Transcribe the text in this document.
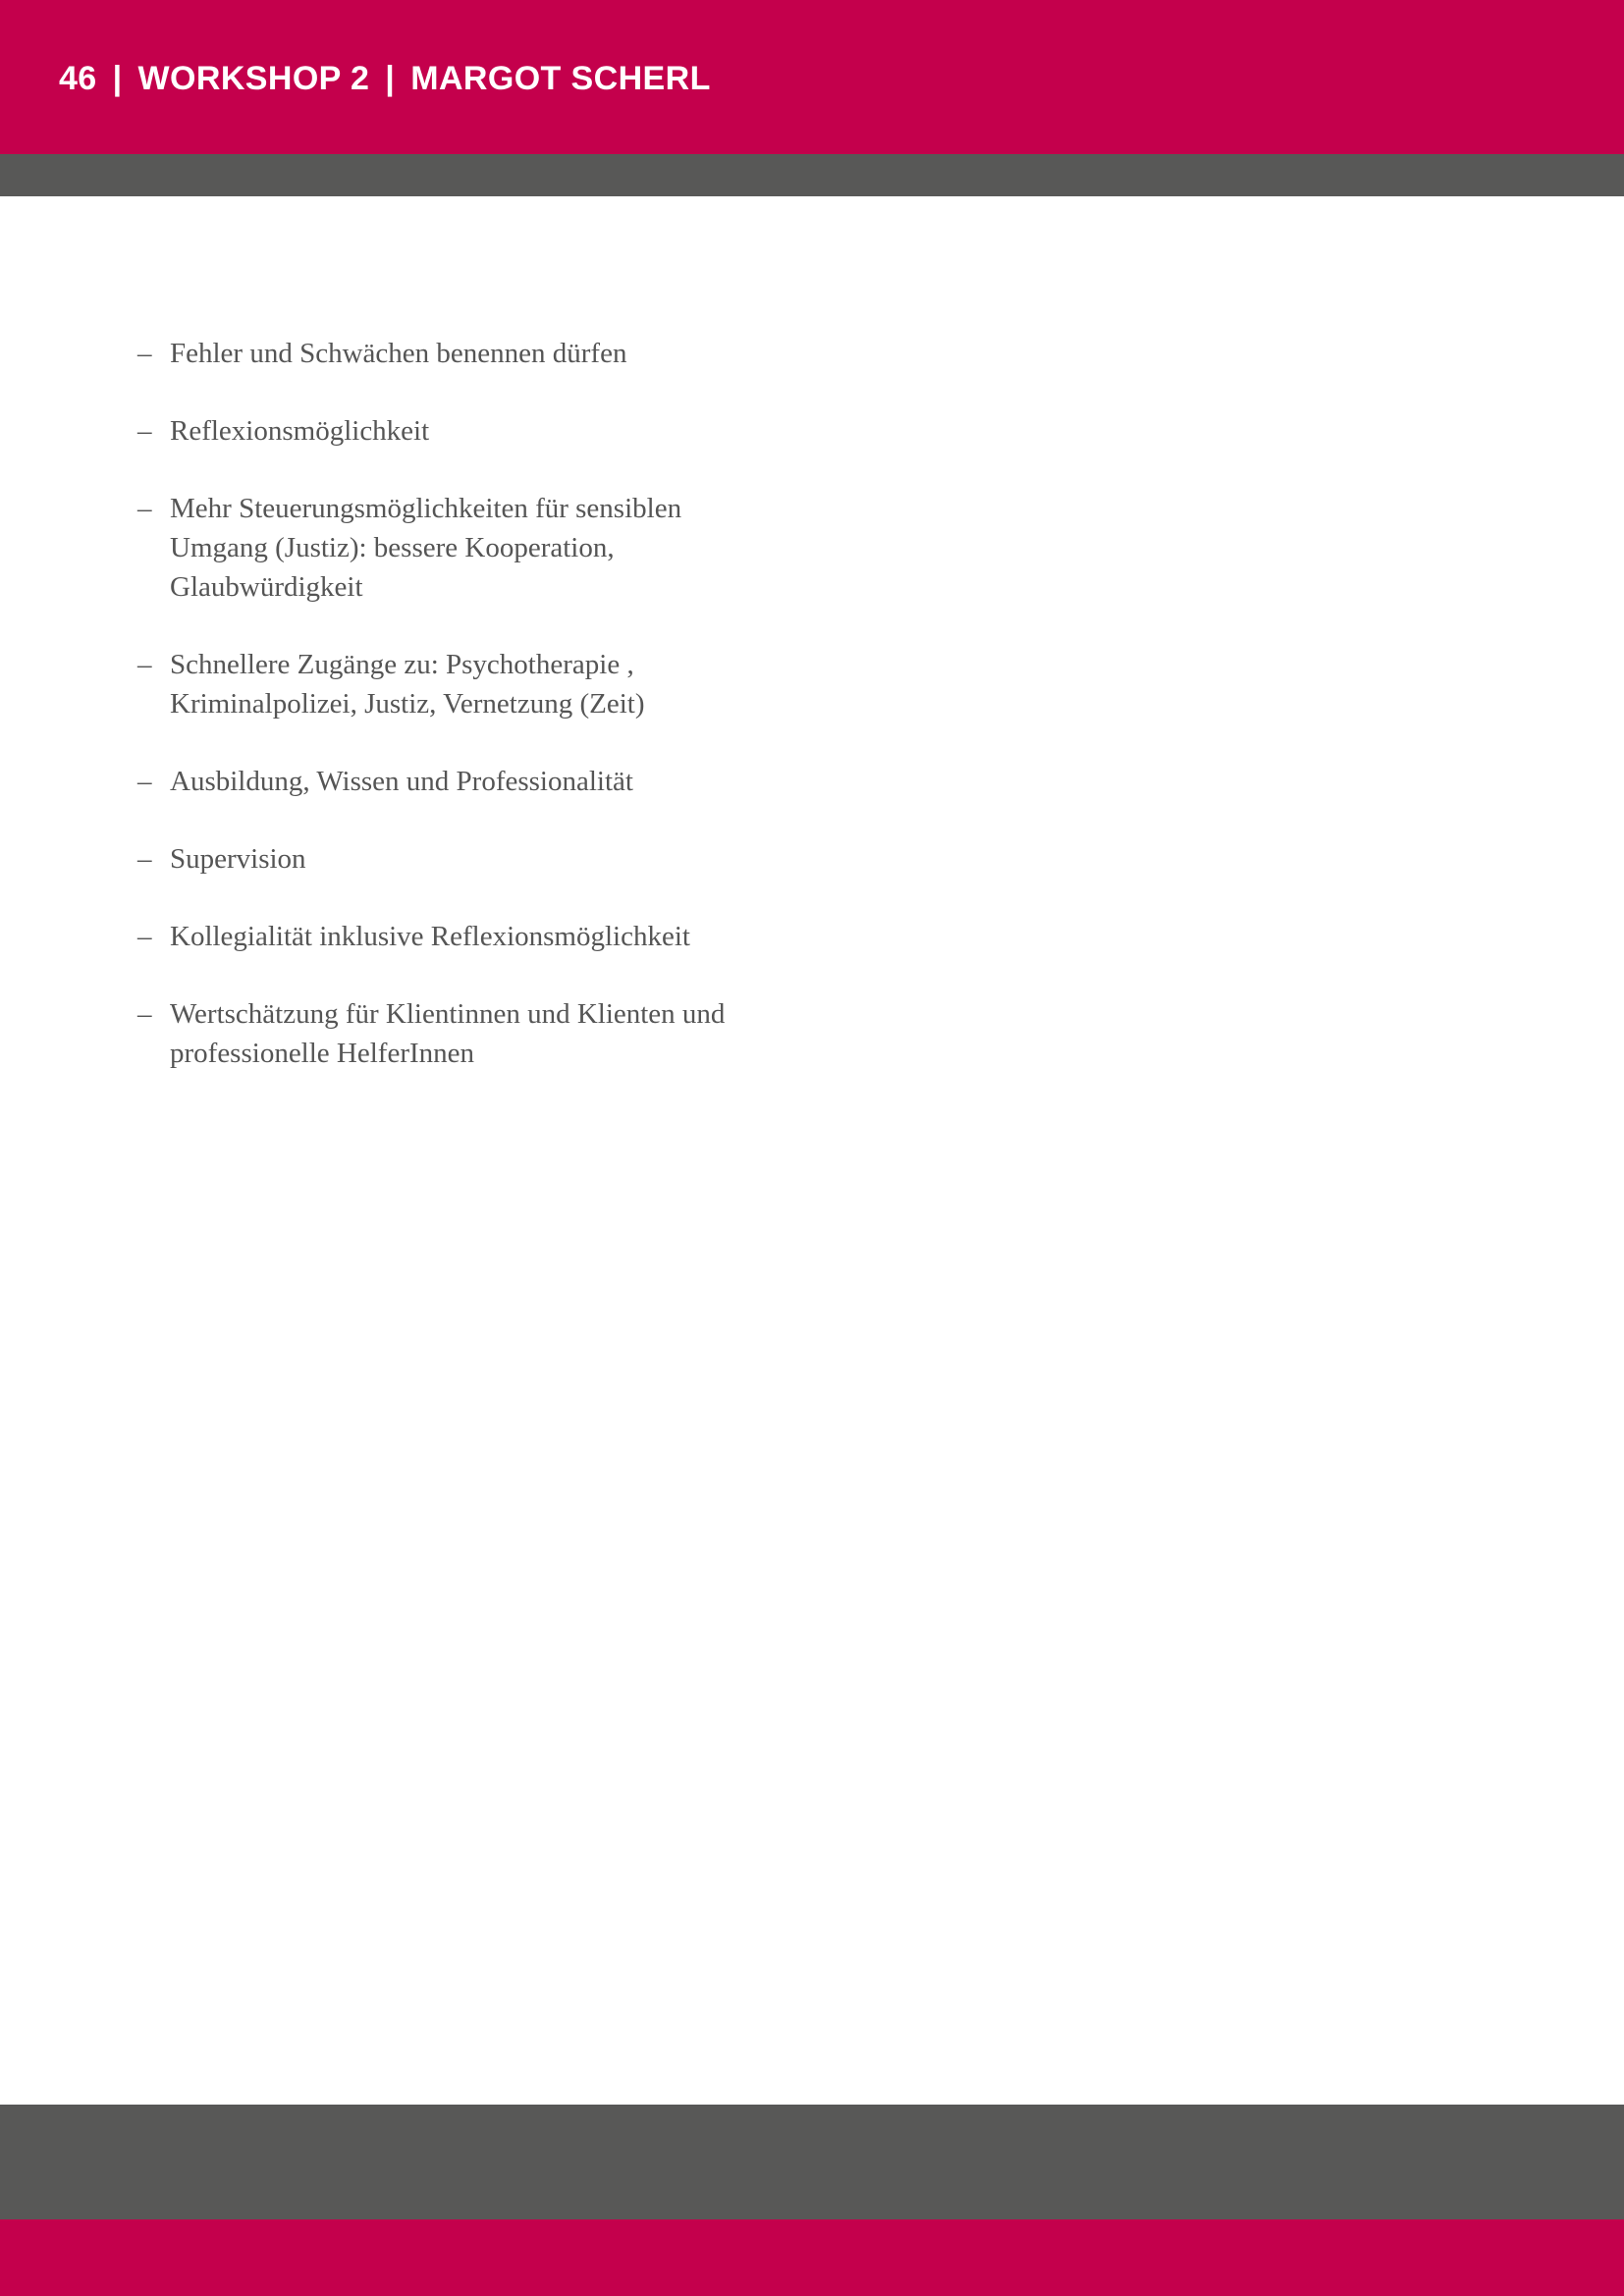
46 | WORKSHOP 2 | MARGOT SCHERL
– Fehler und Schwächen benennen dürfen
– Reflexionsmöglichkeit
– Mehr Steuerungsmöglichkeiten für sensiblen
Umgang (Justiz): bessere Kooperation,
Glaubwürdigkeit
– Schnellere Zugänge zu: Psychotherapie ,
Kriminalpolizei, Justiz, Vernetzung (Zeit)
– Ausbildung, Wissen und Professionalität
– Supervision
– Kollegialität inklusive Reflexionsmöglichkeit
– Wertschätzung für Klientinnen und Klienten und
professionelle HelferInnen
